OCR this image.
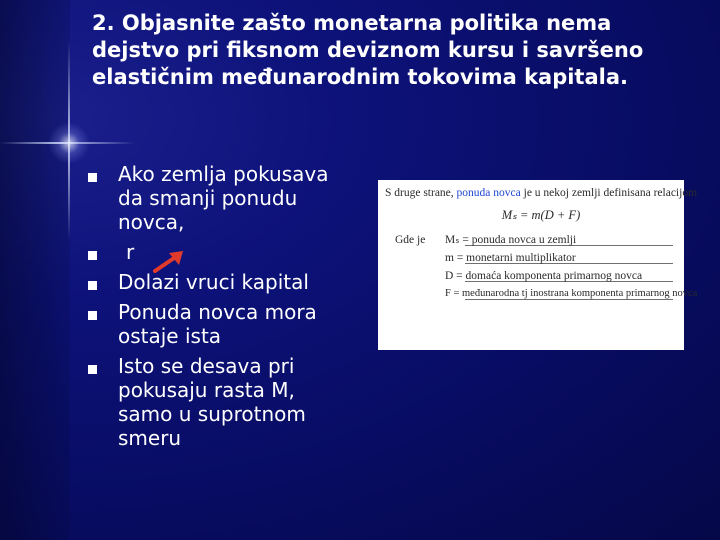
2. Objasnite zašto monetarna politika nema
dejstvo pri fiksnom deviznom kursu i savršeno
elastičnim međunarodnim tokovima kapitala.
Ako zemlja pokusava
da smanji ponudu
novca,
r
Dolazi vruci kapital
Ponuda novca mora
ostaje ista
Isto se desava pri
pokusaju rasta M,
samo u suprotnom
smeru

S druge strane, ponuda novca je u nekoj zemlji definisana relacijom

Mₛ = m(D + F)
Gde je Mₛ = ponuda novca u zemlji
m = monetarni multiplikator
D = domaća komponenta primarnog novca
F = međunarodna tj inostrana komponenta primarnog novca
